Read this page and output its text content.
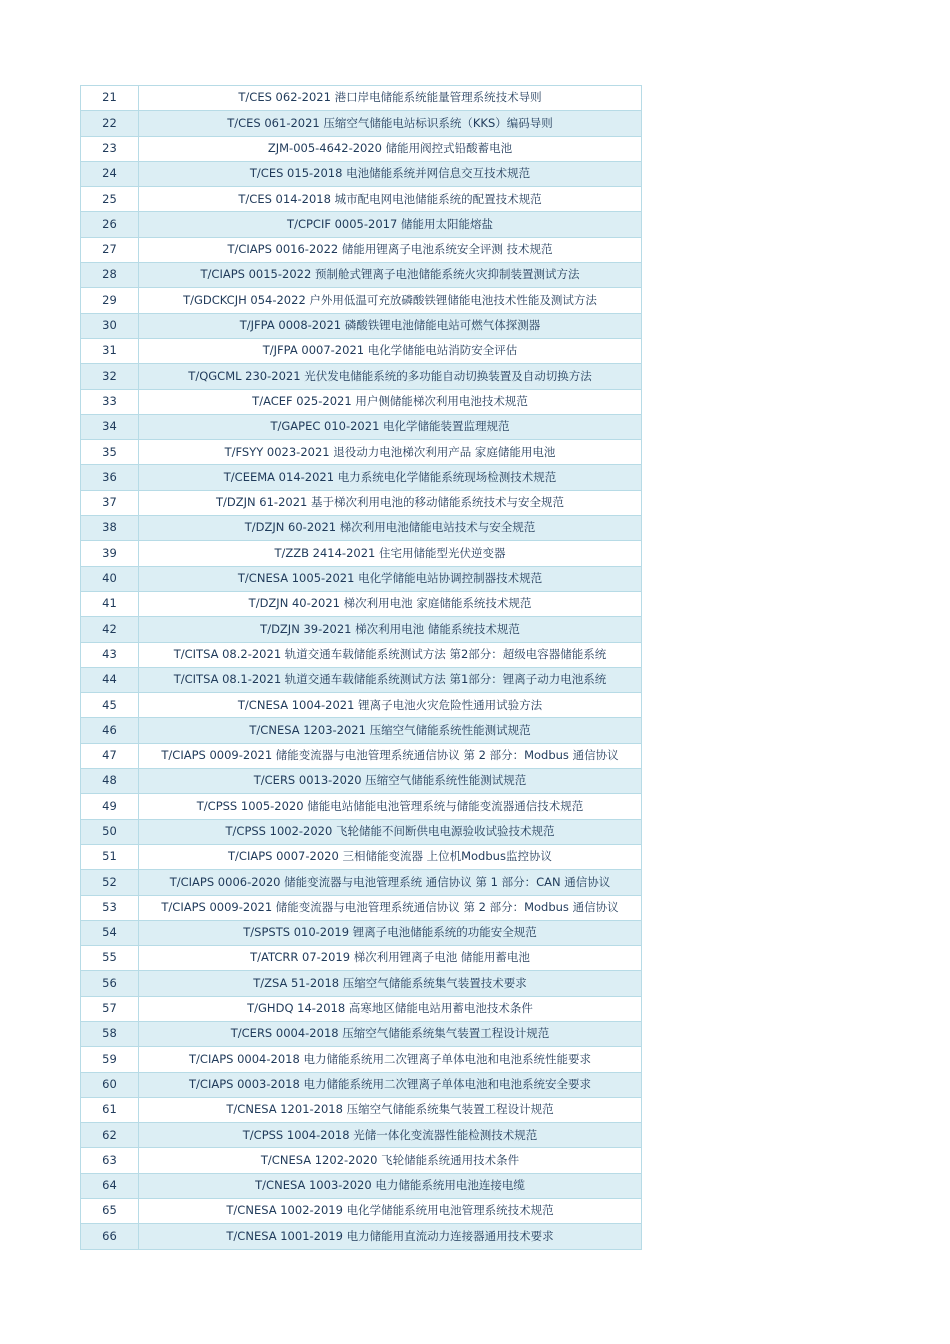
21	T/CES 062-2021 港口岸电储能系统能量管理系统技术导则
22	T/CES 061-2021 压缩空气储能电站标识系统（KKS）编码导则
23	ZJM-005-4642-2020 储能用阀控式铅酸蓄电池
24	T/CES 015-2018 电池储能系统并网信息交互技术规范
25	T/CES 014-2018 城市配电网电池储能系统的配置技术规范
26	T/CPCIF 0005-2017 储能用太阳能熔盐
27	T/CIAPS 0016-2022 储能用锂离子电池系统安全评测 技术规范
28	T/CIAPS 0015-2022 预制舱式锂离子电池储能系统火灾抑制装置测试方法
29	T/GDCKCJH 054-2022 户外用低温可充放磷酸铁锂储能电池技术性能及测试方法
30	T/JFPA 0008-2021 磷酸铁锂电池储能电站可燃气体探测器
31	T/JFPA 0007-2021 电化学储能电站消防安全评估
32	T/QGCML 230-2021 光伏发电储能系统的多功能自动切换装置及自动切换方法
33	T/ACEF 025-2021 用户侧储能梯次利用电池技术规范
34	T/GAPEC 010-2021 电化学储能装置监理规范
35	T/FSYY 0023-2021 退役动力电池梯次利用产品 家庭储能用电池
36	T/CEEMA 014-2021 电力系统电化学储能系统现场检测技术规范
37	T/DZJN 61-2021 基于梯次利用电池的移动储能系统技术与安全规范
38	T/DZJN 60-2021 梯次利用电池储能电站技术与安全规范
39	T/ZZB 2414-2021 住宅用储能型光伏逆变器
40	T/CNESA 1005-2021 电化学储能电站协调控制器技术规范
41	T/DZJN 40-2021 梯次利用电池 家庭储能系统技术规范
42	T/DZJN 39-2021 梯次利用电池 储能系统技术规范
43	T/CITSA 08.2-2021 轨道交通车载储能系统测试方法 第2部分：超级电容器储能系统
44	T/CITSA 08.1-2021 轨道交通车载储能系统测试方法 第1部分：锂离子动力电池系统
45	T/CNESA 1004-2021 锂离子电池火灾危险性通用试验方法
46	T/CNESA 1203-2021 压缩空气储能系统性能测试规范
47	T/CIAPS 0009-2021 储能变流器与电池管理系统通信协议 第 2 部分：Modbus 通信协议
48	T/CERS 0013-2020 压缩空气储能系统性能测试规范
49	T/CPSS 1005-2020 储能电站储能电池管理系统与储能变流器通信技术规范
50	T/CPSS 1002-2020 飞轮储能不间断供电电源验收试验技术规范
51	T/CIAPS 0007-2020 三相储能变流器 上位机Modbus监控协议
52	T/CIAPS 0006-2020 储能变流器与电池管理系统 通信协议 第 1 部分：CAN 通信协议
53	T/CIAPS 0009-2021 储能变流器与电池管理系统通信协议 第 2 部分：Modbus 通信协议
54	T/SPSTS 010-2019 锂离子电池储能系统的功能安全规范
55	T/ATCRR 07-2019 梯次利用锂离子电池 储能用蓄电池
56	T/ZSA 51-2018 压缩空气储能系统集气装置技术要求
57	T/GHDQ 14-2018 高寒地区储能电站用蓄电池技术条件
58	T/CERS 0004-2018 压缩空气储能系统集气装置工程设计规范
59	T/CIAPS 0004-2018 电力储能系统用二次锂离子单体电池和电池系统性能要求
60	T/CIAPS 0003-2018 电力储能系统用二次锂离子单体电池和电池系统安全要求
61	T/CNESA 1201-2018 压缩空气储能系统集气装置工程设计规范
62	T/CPSS 1004-2018 光储一体化变流器性能检测技术规范
63	T/CNESA 1202-2020 飞轮储能系统通用技术条件
64	T/CNESA 1003-2020 电力储能系统用电池连接电缆
65	T/CNESA 1002-2019 电化学储能系统用电池管理系统技术规范
66	T/CNESA 1001-2019 电力储能用直流动力连接器通用技术要求
